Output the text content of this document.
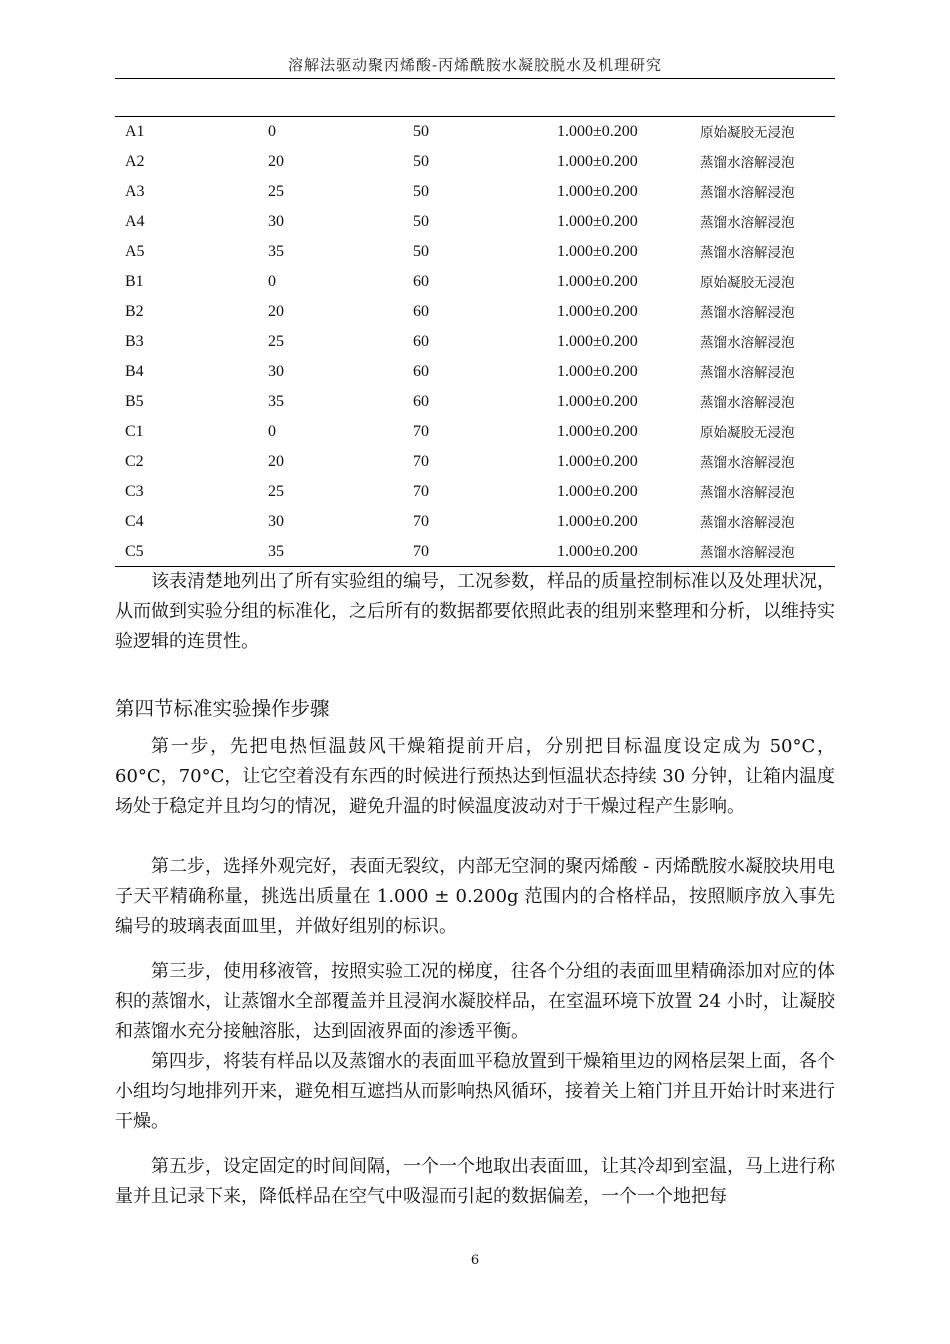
溶解法驱动聚丙烯酸-丙烯酰胺水凝胶脱水及机理研究
A1	0	50	1.000±0.200	原始凝胶无浸泡
A2	20	50	1.000±0.200	蒸馏水溶解浸泡
A3	25	50	1.000±0.200	蒸馏水溶解浸泡
A4	30	50	1.000±0.200	蒸馏水溶解浸泡
A5	35	50	1.000±0.200	蒸馏水溶解浸泡
B1	0	60	1.000±0.200	原始凝胶无浸泡
B2	20	60	1.000±0.200	蒸馏水溶解浸泡
B3	25	60	1.000±0.200	蒸馏水溶解浸泡
B4	30	60	1.000±0.200	蒸馏水溶解浸泡
B5	35	60	1.000±0.200	蒸馏水溶解浸泡
C1	0	70	1.000±0.200	原始凝胶无浸泡
C2	20	70	1.000±0.200	蒸馏水溶解浸泡
C3	25	70	1.000±0.200	蒸馏水溶解浸泡
C4	30	70	1.000±0.200	蒸馏水溶解浸泡
C5	35	70	1.000±0.200	蒸馏水溶解浸泡

该表清楚地列出了所有实验组的编号，工况参数，样品的质量控制标准以及处理状况，从而做到实验分组的标准化，之后所有的数据都要依照此表的组别来整理和分析，以维持实验逻辑的连贯性。

第四节标准实验操作步骤

第一步，先把电热恒温鼓风干燥箱提前开启，分别把目标温度设定成为 50°C，60°C，70°C，让它空着没有东西的时候进行预热达到恒温状态持续 30 分钟，让箱内温度场处于稳定并且均匀的情况，避免升温的时候温度波动对于干燥过程产生影响。

第二步，选择外观完好，表面无裂纹，内部无空洞的聚丙烯酸 - 丙烯酰胺水凝胶块用电子天平精确称量，挑选出质量在 1.000 ± 0.200g 范围内的合格样品，按照顺序放入事先编号的玻璃表面皿里，并做好组别的标识。

第三步，使用移液管，按照实验工况的梯度，往各个分组的表面皿里精确添加对应的体积的蒸馏水，让蒸馏水全部覆盖并且浸润水凝胶样品，在室温环境下放置 24 小时，让凝胶和蒸馏水充分接触溶胀，达到固液界面的渗透平衡。

第四步，将装有样品以及蒸馏水的表面皿平稳放置到干燥箱里边的网格层架上面，各个小组均匀地排列开来，避免相互遮挡从而影响热风循环，接着关上箱门并且开始计时来进行干燥。

第五步，设定固定的时间间隔，一个一个地取出表面皿，让其冷却到室温，马上进行称量并且记录下来，降低样品在空气中吸湿而引起的数据偏差，一个一个地把每

6
